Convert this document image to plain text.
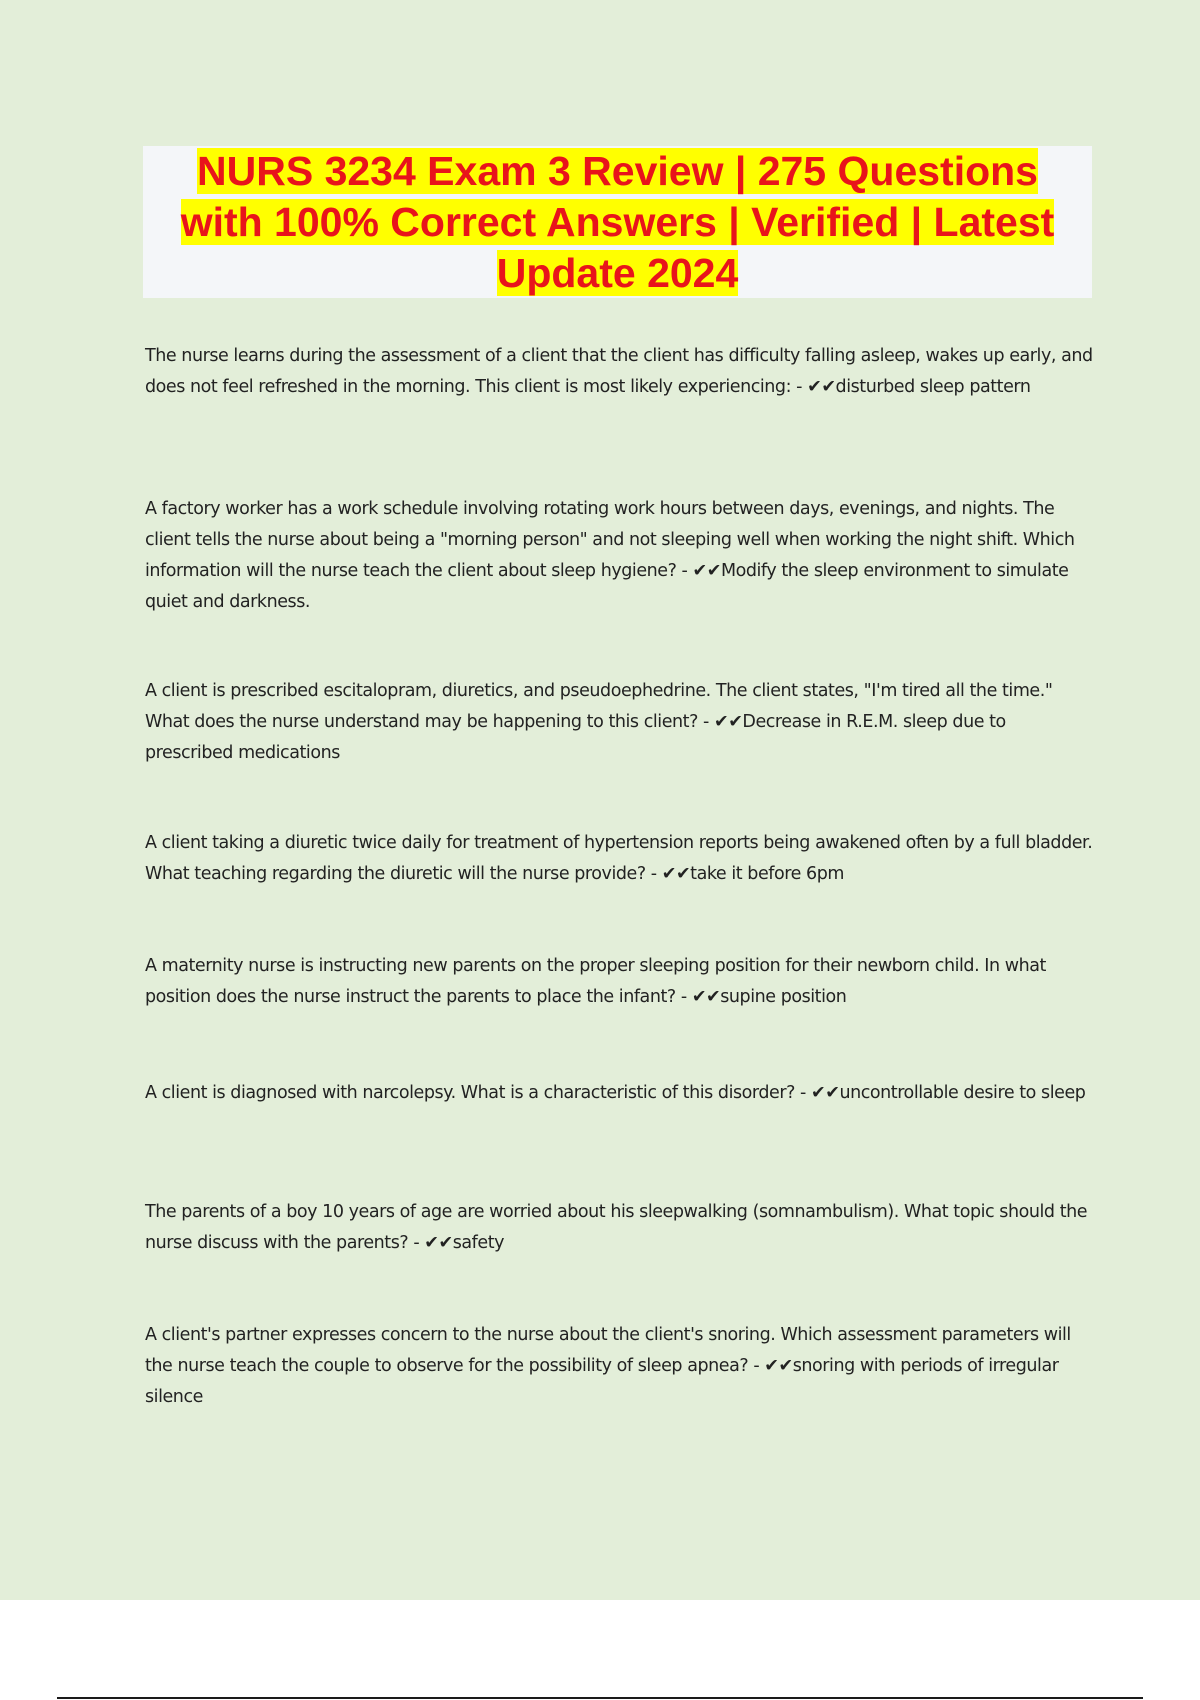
NURS 3234 Exam 3 Review | 275 Questions with 100% Correct Answers | Verified | Latest Update 2024

The nurse learns during the assessment of a client that the client has difficulty falling asleep, wakes up early, and does not feel refreshed in the morning. This client is most likely experiencing: - ✔✔disturbed sleep pattern

A factory worker has a work schedule involving rotating work hours between days, evenings, and nights. The client tells the nurse about being a "morning person" and not sleeping well when working the night shift. Which information will the nurse teach the client about sleep hygiene? - ✔✔Modify the sleep environment to simulate quiet and darkness.

A client is prescribed escitalopram, diuretics, and pseudoephedrine. The client states, "I'm tired all the time." What does the nurse understand may be happening to this client? - ✔✔Decrease in R.E.M. sleep due to prescribed medications

A client taking a diuretic twice daily for treatment of hypertension reports being awakened often by a full bladder. What teaching regarding the diuretic will the nurse provide? - ✔✔take it before 6pm

A maternity nurse is instructing new parents on the proper sleeping position for their newborn child. In what position does the nurse instruct the parents to place the infant? - ✔✔supine position

A client is diagnosed with narcolepsy. What is a characteristic of this disorder? - ✔✔uncontrollable desire to sleep

The parents of a boy 10 years of age are worried about his sleepwalking (somnambulism). What topic should the nurse discuss with the parents? - ✔✔safety

A client's partner expresses concern to the nurse about the client's snoring. Which assessment parameters will the nurse teach the couple to observe for the possibility of sleep apnea? - ✔✔snoring with periods of irregular silence
